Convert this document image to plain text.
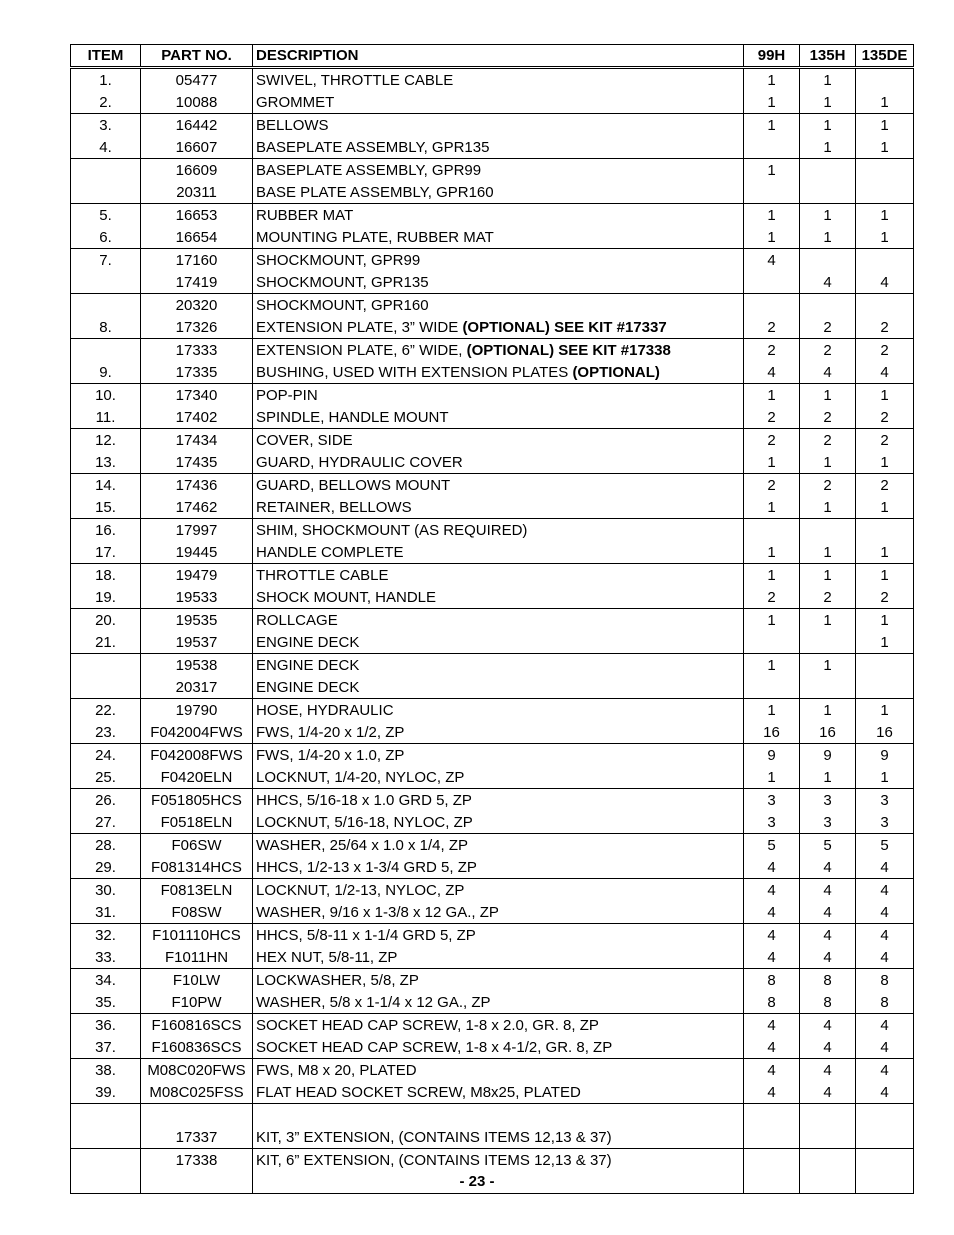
ITEM	PART NO.	DESCRIPTION	99H	135H	135DE
1.	05477	SWIVEL, THROTTLE CABLE	1	1	
2.	10088	GROMMET	1	1	1
3.	16442	BELLOWS	1	1	1
4.	16607	BASEPLATE ASSEMBLY, GPR135		1	1
	16609	BASEPLATE ASSEMBLY, GPR99	1		
	20311	BASE PLATE ASSEMBLY, GPR160			
5.	16653	RUBBER MAT	1	1	1
6.	16654	MOUNTING PLATE, RUBBER MAT	1	1	1
7.	17160	SHOCKMOUNT, GPR99	4		
	17419	SHOCKMOUNT, GPR135		4	4
	20320	SHOCKMOUNT, GPR160			
8.	17326	EXTENSION PLATE, 3” WIDE (OPTIONAL) SEE KIT #17337	2	2	2
	17333	EXTENSION PLATE, 6” WIDE, (OPTIONAL) SEE KIT #17338	2	2	2
9.	17335	BUSHING, USED WITH EXTENSION PLATES (OPTIONAL)	4	4	4
10.	17340	POP-PIN	1	1	1
11.	17402	SPINDLE, HANDLE MOUNT	2	2	2
12.	17434	COVER, SIDE	2	2	2
13.	17435	GUARD, HYDRAULIC COVER	1	1	1
14.	17436	GUARD, BELLOWS MOUNT	2	2	2
15.	17462	RETAINER, BELLOWS	1	1	1
16.	17997	SHIM, SHOCKMOUNT (AS REQUIRED)			
17.	19445	HANDLE COMPLETE	1	1	1
18.	19479	THROTTLE CABLE	1	1	1
19.	19533	SHOCK MOUNT, HANDLE	2	2	2
20.	19535	ROLLCAGE	1	1	1
21.	19537	ENGINE DECK			1
	19538	ENGINE DECK	1	1	
	20317	ENGINE DECK			
22.	19790	HOSE, HYDRAULIC	1	1	1
23.	F042004FWS	FWS, 1/4-20 x 1/2, ZP	16	16	16
24.	F042008FWS	FWS, 1/4-20 x 1.0, ZP	9	9	9
25.	F0420ELN	LOCKNUT, 1/4-20, NYLOC, ZP	1	1	1
26.	F051805HCS	HHCS, 5/16-18 x 1.0 GRD 5, ZP	3	3	3
27.	F0518ELN	LOCKNUT, 5/16-18, NYLOC, ZP	3	3	3
28.	F06SW	WASHER, 25/64 x 1.0 x 1/4, ZP	5	5	5
29.	F081314HCS	HHCS, 1/2-13 x 1-3/4 GRD 5, ZP	4	4	4
30.	F0813ELN	LOCKNUT, 1/2-13, NYLOC, ZP	4	4	4
31.	F08SW	WASHER, 9/16 x 1-3/8 x 12 GA., ZP	4	4	4
32.	F101110HCS	HHCS, 5/8-11 x 1-1/4 GRD 5, ZP	4	4	4
33.	F1011HN	HEX NUT, 5/8-11, ZP	4	4	4
34.	F10LW	LOCKWASHER, 5/8, ZP	8	8	8
35.	F10PW	WASHER, 5/8 x 1-1/4 x 12 GA., ZP	8	8	8
36.	F160816SCS	SOCKET HEAD CAP SCREW, 1-8 x 2.0, GR. 8, ZP	4	4	4
37.	F160836SCS	SOCKET HEAD CAP SCREW, 1-8 x 4-1/2, GR. 8, ZP	4	4	4
38.	M08C020FWS	FWS, M8 x 20, PLATED	4	4	4
39.	M08C025FSS	FLAT HEAD SOCKET SCREW, M8x25, PLATED	4	4	4

	17337	KIT, 3” EXTENSION, (CONTAINS ITEMS 12,13 & 37)			
	17338	KIT, 6” EXTENSION, (CONTAINS ITEMS 12,13 & 37)			

- 23 -
